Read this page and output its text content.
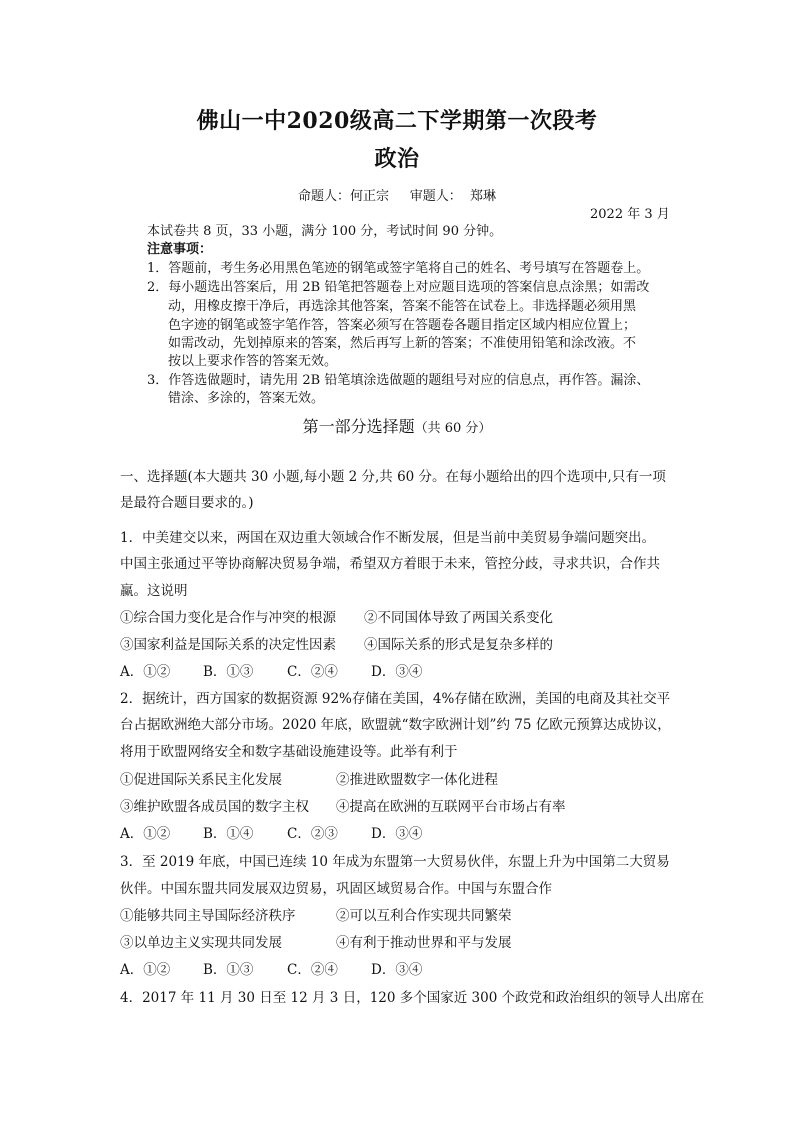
佛山一中2020级高二下学期第一次段考
政治
命题人：何正宗     审题人：  郑琳
2022 年 3 月
本试卷共 8 页，33 小题，满分 100 分，考试时间 90 分钟。
注意事项：
1．答题前，考生务必用黑色笔迹的钢笔或签字笔将自己的姓名、考号填写在答题卷上。
2．每小题选出答案后，用 2B 铅笔把答题卷上对应题目选项的答案信息点涂黑；如需改
动，用橡皮擦干净后，再选涂其他答案，答案不能答在试卷上。非选择题必须用黑
色字迹的钢笔或签字笔作答，答案必须写在答题卷各题目指定区域内相应位置上；
如需改动，先划掉原来的答案，然后再写上新的答案；不准使用铅笔和涂改液。不
按以上要求作答的答案无效。
3．作答选做题时，请先用 2B 铅笔填涂选做题的题组号对应的信息点，再作答。漏涂、
错涂、多涂的，答案无效。
第一部分选择题（共 60 分）
一、选择题(本大题共 30 小题,每小题 2 分,共 60 分。在每小题给出的四个选项中,只有一项
是最符合题目要求的。)
1．中美建交以来，两国在双边重大领域合作不断发展，但是当前中美贸易争端问题突出。
中国主张通过平等协商解决贸易争端，希望双方着眼于未来，管控分歧，寻求共识，合作共
赢。这说明
①综合国力变化是合作与冲突的根源 ②不同国体导致了两国关系变化
③国家利益是国际关系的决定性因素 ④国际关系的形式是复杂多样的
A．①② B．①③ C．②④ D．③④
2．据统计，西方国家的数据资源 92%存储在美国，4%存储在欧洲，美国的电商及其社交平
台占据欧洲绝大部分市场。2020 年底，欧盟就“数字欧洲计划”约 75 亿欧元预算达成协议，
将用于欧盟网络安全和数字基础设施建设等。此举有利于
①促进国际关系民主化发展	②推进欧盟数字一体化进程
③维护欧盟各成员国的数字主权 ④提高在欧洲的互联网平台市场占有率
A．①② B．①④ C．②③ D．③④
3．至 2019 年底，中国已连续 10 年成为东盟第一大贸易伙伴，东盟上升为中国第二大贸易
伙伴。中国东盟共同发展双边贸易，巩固区域贸易合作。中国与东盟合作
①能够共同主导国际经济秩序	②可以互利合作实现共同繁荣
③以单边主义实现共同发展	④有利于推动世界和平与发展
A．①② B．①③ C．②④ D．③④
4．2017 年 11 月 30 日至 12 月 3 日，120 多个国家近 300 个政党和政治组织的领导人出席在
